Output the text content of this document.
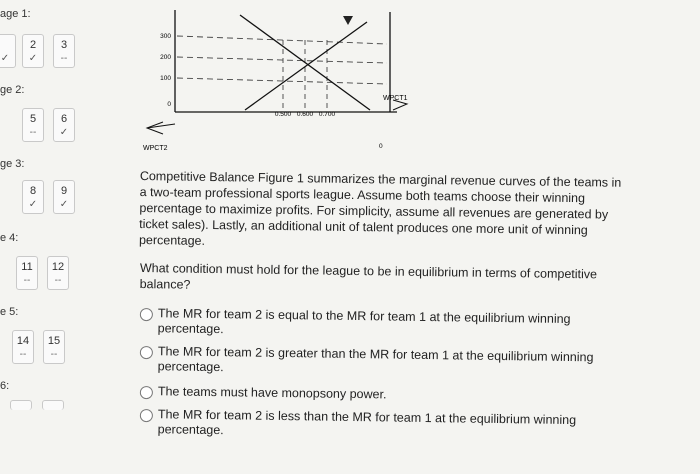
age 1:
✓
2
✓
3
--
ge 2:
5
--
6
✓
ge 3:
8
✓
9
✓
e 4:
11
--
12
--
e 5:
14
--
15
--
6:
300
200
100
0
0.500 0.600 0.700
WPCT2
WPCT1
0

Competitive Balance Figure 1 summarizes the marginal revenue curves of the teams in a two-team professional sports league. Assume both teams choose their winning percentage to maximize profits. For simplicity, assume all revenues are generated by ticket sales). Lastly, an additional unit of talent produces one more unit of winning percentage.

What condition must hold for the league to be in equilibrium in terms of competitive balance?

The MR for team 2 is equal to the MR for team 1 at the equilibrium winning percentage.
The MR for team 2 is greater than the MR for team 1 at the equilibrium winning percentage.
The teams must have monopsony power.
The MR for team 2 is less than the MR for team 1 at the equilibrium winning percentage.
